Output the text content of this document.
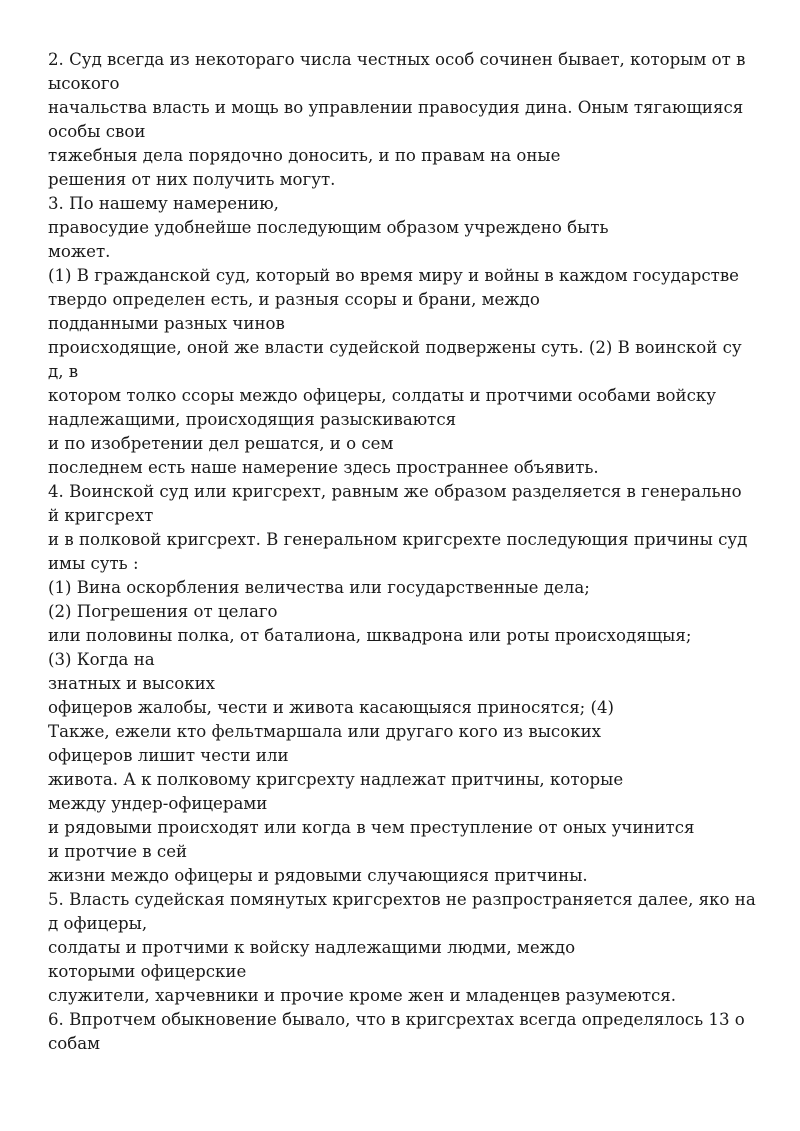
2. Суд всегда из некотораго числа честных особ сочинен бывает, которым от в
ысокого
начальства власть и мощь во управлении правосудия дина. Оным тягающияся
особы свои
тяжебныя дела порядочно доносить, и по правам на оные
решения от них получить могут.
3. По нашему намерению,
правосудие удобнейше последующим образом учреждено быть
может.
(1) В гражданской суд, который во время миру и войны в каждом государстве
твердо определен есть, и разныя ссоры и брани, междо
подданными разных чинов
происходящие, оной же власти судейской подвержены суть. (2) В воинской су
д, в
котором толко ссоры междо офицеры, солдаты и протчими особами войску
надлежащими, происходящия разыскиваются
и по изобретении дел решатся, и о сем
последнем есть наше намерение здесь пространнее объявить.
4. Воинской суд или кригсрехт, равным же образом разделяется в генерально
й кригсрехт
и в полковой кригсрехт. В генеральном кригсрехте последующия причины суд
имы суть :
(1) Вина оскорбления величества или государственные дела;
(2) Погрешения от целаго
или половины полка, от баталиона, шквадрона или роты происходящыя;
(3) Когда на
знатных и высоких
офицеров жалобы, чести и живота касающыяся приносятся; (4)
Также, ежели кто фельтмаршала или другаго кого из высоких
офицеров лишит чести или
живота. А к полковому кригсрехту надлежат притчины, которые
между ундер-офицерами
и рядовыми происходят или когда в чем преступление от оных учинится
и протчие в сей
жизни междо офицеры и рядовыми случающияся притчины.
5. Власть судейская помянутых кригсрехтов не разпространяется далее, яко на
д офицеры,
солдаты и протчими к войску надлежащими людми, междо
которыми офицерские
служители, харчевники и прочие кроме жен и младенцев разумеются.
6. Впротчем обыкновение бывало, что в кригсрехтах всегда определялось 13 о
собам
